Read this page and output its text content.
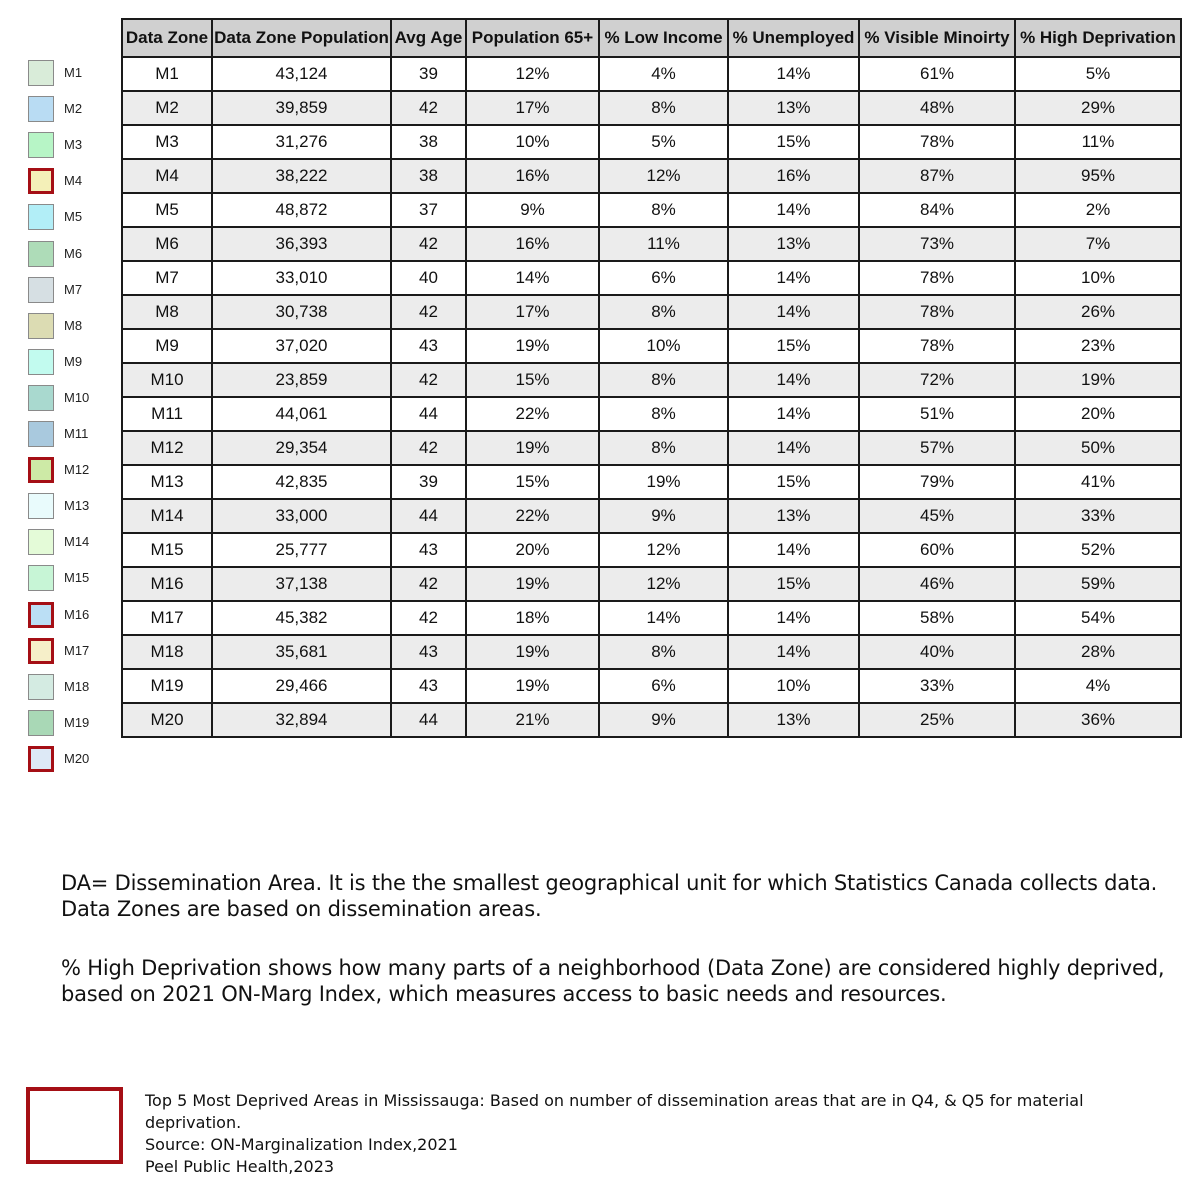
M1
M2
M3
M4
M5
M6
M7
M8
M9
M10
M11
M12
M13
M14
M15
M16
M17
M18
M19
M20
Data Zone	Data Zone Population	Avg Age	Population 65+	% Low Income	% Unemployed	% Visible Minoirty	% High Deprivation
M1	43,124	39	12%	4%	14%	61%	5%
M2	39,859	42	17%	8%	13%	48%	29%
M3	31,276	38	10%	5%	15%	78%	11%
M4	38,222	38	16%	12%	16%	87%	95%
M5	48,872	37	9%	8%	14%	84%	2%
M6	36,393	42	16%	11%	13%	73%	7%
M7	33,010	40	14%	6%	14%	78%	10%
M8	30,738	42	17%	8%	14%	78%	26%
M9	37,020	43	19%	10%	15%	78%	23%
M10	23,859	42	15%	8%	14%	72%	19%
M11	44,061	44	22%	8%	14%	51%	20%
M12	29,354	42	19%	8%	14%	57%	50%
M13	42,835	39	15%	19%	15%	79%	41%
M14	33,000	44	22%	9%	13%	45%	33%
M15	25,777	43	20%	12%	14%	60%	52%
M16	37,138	42	19%	12%	15%	46%	59%
M17	45,382	42	18%	14%	14%	58%	54%
M18	35,681	43	19%	8%	14%	40%	28%
M19	29,466	43	19%	6%	10%	33%	4%
M20	32,894	44	21%	9%	13%	25%	36%
DA= Dissemination Area. It is the the smallest geographical unit for which Statistics Canada collects data.
Data Zones are based on dissemination areas.
% High Deprivation shows how many parts of a neighborhood (Data Zone) are considered highly deprived,
based on 2021 ON-Marg Index, which measures access to basic needs and resources.
Top 5 Most Deprived Areas in Mississauga: Based on number of dissemination areas that are in Q4, & Q5 for material
deprivation.
Source: ON-Marginalization Index,2021
Peel Public Health,2023
